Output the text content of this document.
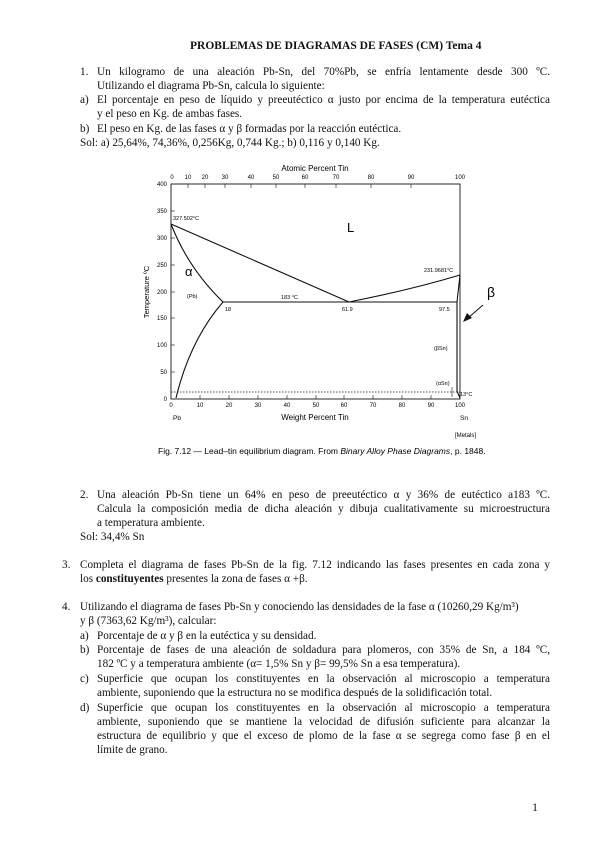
PROBLEMAS DE DIAGRAMAS DE FASES (CM) Tema 4
1. Un kilogramo de una aleación Pb-Sn, del 70%Pb, se enfría lentamente desde 300 ºC.
Utilizando el diagrama Pb-Sn, calcula lo siguiente:
a) El porcentaje en peso de líquido y preeutéctico α justo por encima de la temperatura eutéctica
y el peso en Kg. de ambas fases.
b) El peso en Kg. de las fases α y β formadas por la reacción eutéctica.
Sol: a) 25,64%, 74,36%, 0,256Kg, 0,744 Kg.; b) 0,116 y 0,140 Kg.
Atomic Percent Tin
0 10 20 30	40	50	60	70	80	90	100
400
350
300
250
200
150
100
50
0
Temperature ºC
0	10	20	30	40	50	60	70	80	90	100
Pb	Sn
Weight Percent Tin
[Metals]
327.502°C
231.9681°C
L
α
(Pb)	183 °C
18	61.9	97.5
(βSn)
(αSn)
13°C
β
Fig. 7.12 — Lead–tin equilibrium diagram. From Binary Alloy Phase Diagrams, p. 1848.
2. Una aleación Pb-Sn tiene un 64% en peso de preeutéctico α y 36% de eutéctico a183 ºC.
Calcula la composición media de dicha aleación y dibuja cualitativamente su microestructura
a temperatura ambiente.
Sol: 34,4% Sn
3. Completa el diagrama de fases Pb-Sn de la fig. 7.12 indicando las fases presentes en cada zona y
los constituyentes presentes la zona de fases α +β.
4. Utilizando el diagrama de fases Pb-Sn y conociendo las densidades de la fase α (10260,29 Kg/m³)
y β (7363,62 Kg/m³), calcular:
a) Porcentaje de α y β en la eutéctica y su densidad.
b) Porcentaje de fases de una aleación de soldadura para plomeros, con 35% de Sn, a 184 ºC,
182 ºC y a temperatura ambiente (α= 1,5% Sn y β= 99,5% Sn a esa temperatura).
c) Superficie que ocupan los constituyentes en la observación al microscopio a temperatura
ambiente, suponiendo que la estructura no se modifica después de la solidificación total.
d) Superficie que ocupan los constituyentes en la observación al microscopio a temperatura
ambiente, suponiendo que se mantiene la velocidad de difusión suficiente para alcanzar la
estructura de equilibrio y que el exceso de plomo de la fase α se segrega como fase β en el
límite de grano.
1
